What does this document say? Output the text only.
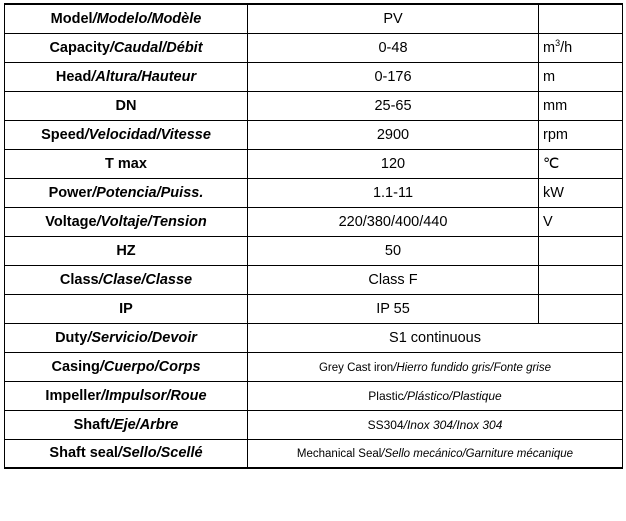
Model/Modelo/Modèle	PV	
Capacity/Caudal/Débit	0-48	$m^3/h$
Head/Altura/Hauteur	0-176	m
DN	25-65	mm
Speed/Velocidad/Vitesse	2900	rpm
T max	120	℃
Power/Potencia/Puiss.	1.1-11	kW
Voltage/Voltaje/Tension	220/380/400/440	V
HZ	50	
Class/Clase/Classe	Class F	
IP	IP 55	
Duty/Servicio/Devoir	S1 continuous	
Casing/Cuerpo/Corps	Grey Cast iron/Hierro fundido gris/Fonte grise	
Impeller/Impulsor/Roue	Plastic/Plástico/Plastique	
Shaft/Eje/Arbre	SS304/Inox 304/Inox 304	
Shaft seal/Sello/Scellé	Mechanical Seal/Sello mecánico/Garniture mécanique	
